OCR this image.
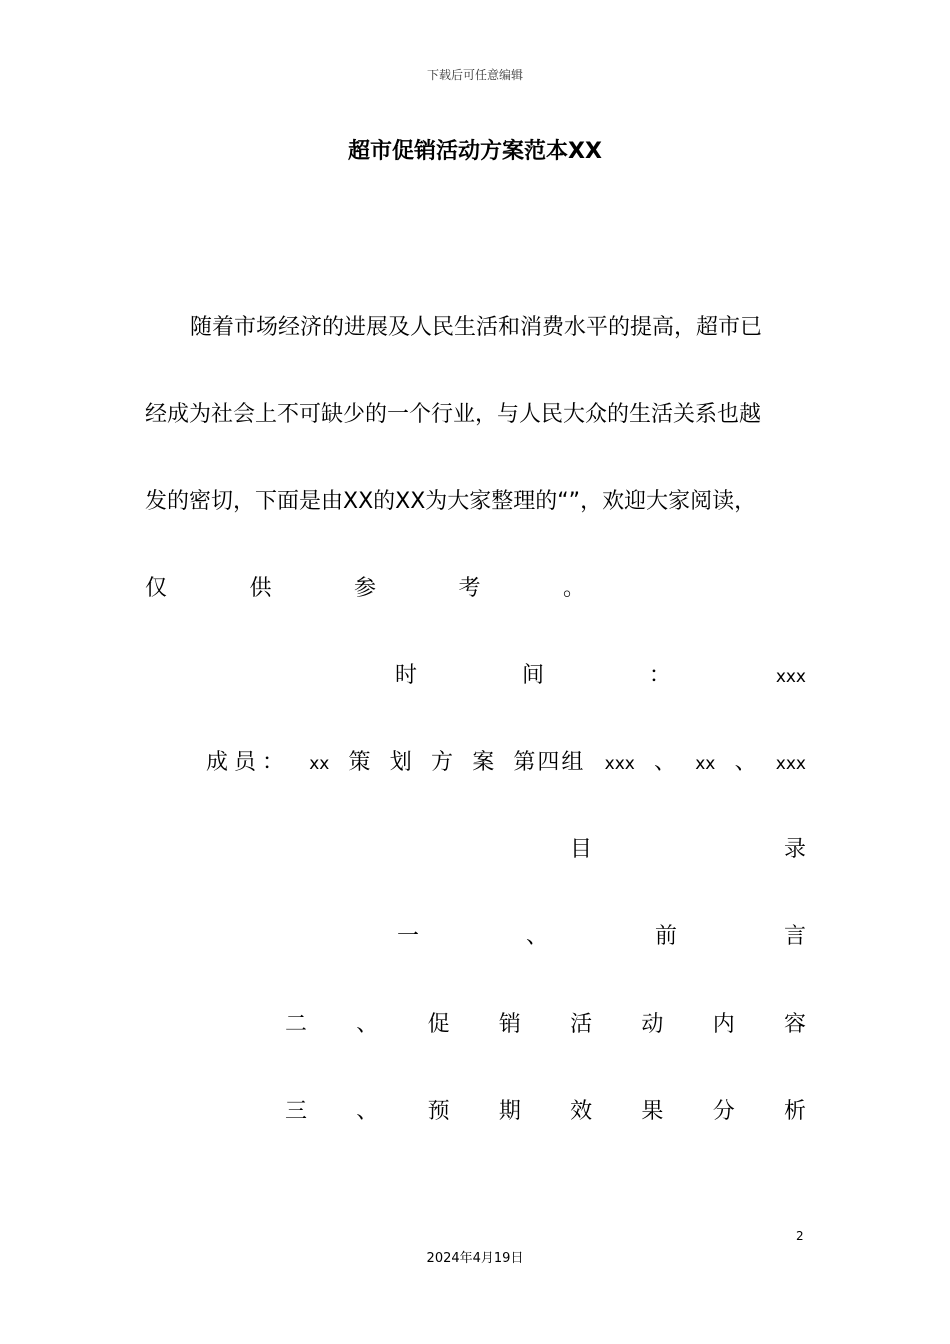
下载后可任意编辑
超市促销活动方案范本XX
随着市场经济的进展及人民生活和消费水平的提高，超市已
经成为社会上不可缺少的一个行业，与人民大众的生活关系也越
发的密切，下面是由XX的XX为大家整理的“”，欢迎大家阅读，
仅	供	参	考	。
时	间	：	xxx
成员： xx 策 划 方 案 第四组 xxx 、 xx 、 xxx
目	录
一	、	前	言
二 、 促 销 活 动 内 容
三 、 预 期 效 果 分 析
2
2024年4月19日
